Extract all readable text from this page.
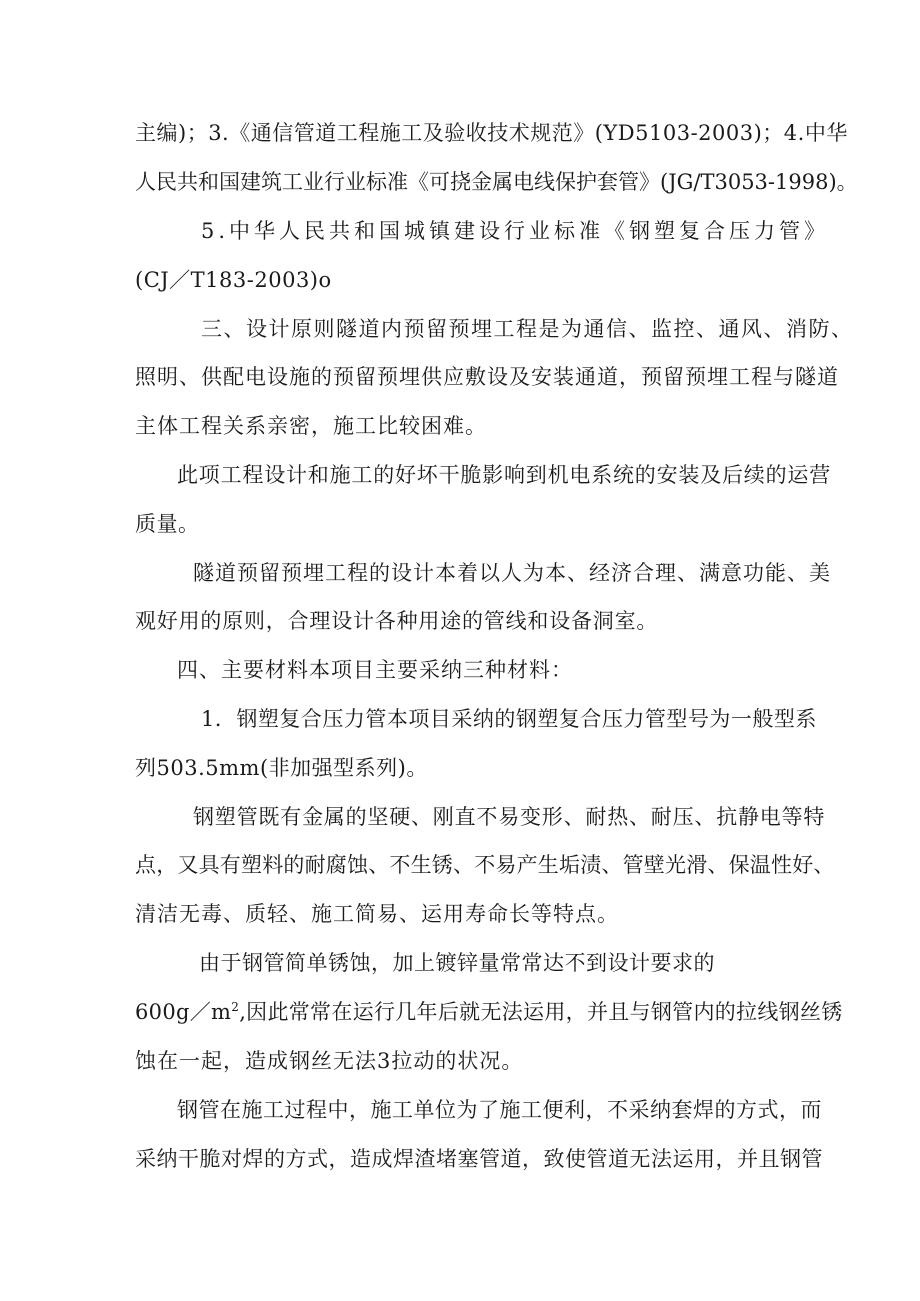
主编)；3.《通信管道工程施工及验收技术规范》(YD5103-2003)；4.中华
人民共和国建筑工业行业标准《可挠金属电线保护套管》(JG/T3053-1998)。
5.中华人民共和国城镇建设行业标准《钢塑复合压力管》
(CJ／T183-2003)o
三、设计原则隧道内预留预埋工程是为通信、监控、通风、消防、
照明、供配电设施的预留预埋供应敷设及安装通道，预留预埋工程与隧道
主体工程关系亲密，施工比较困难。
此项工程设计和施工的好坏干脆影响到机电系统的安装及后续的运营
质量。
隧道预留预埋工程的设计本着以人为本、经济合理、满意功能、美
观好用的原则，合理设计各种用途的管线和设备洞室。
四、主要材料本项目主要采纳三种材料：
1．钢塑复合压力管本项目采纳的钢塑复合压力管型号为一般型系
列503.5mm(非加强型系列)。
钢塑管既有金属的坚硬、刚直不易变形、耐热、耐压、抗静电等特
点，又具有塑料的耐腐蚀、不生锈、不易产生垢渍、管壁光滑、保温性好、
清洁无毒、质轻、施工简易、运用寿命长等特点。
由于钢管简单锈蚀，加上镀锌量常常达不到设计要求的
$600g/m^2$,因此常常在运行几年后就无法运用，并且与钢管内的拉线钢丝锈
蚀在一起，造成钢丝无法3拉动的状况。
钢管在施工过程中，施工单位为了施工便利，不采纳套焊的方式，而
采纳干脆对焊的方式，造成焊渣堵塞管道，致使管道无法运用，并且钢管
